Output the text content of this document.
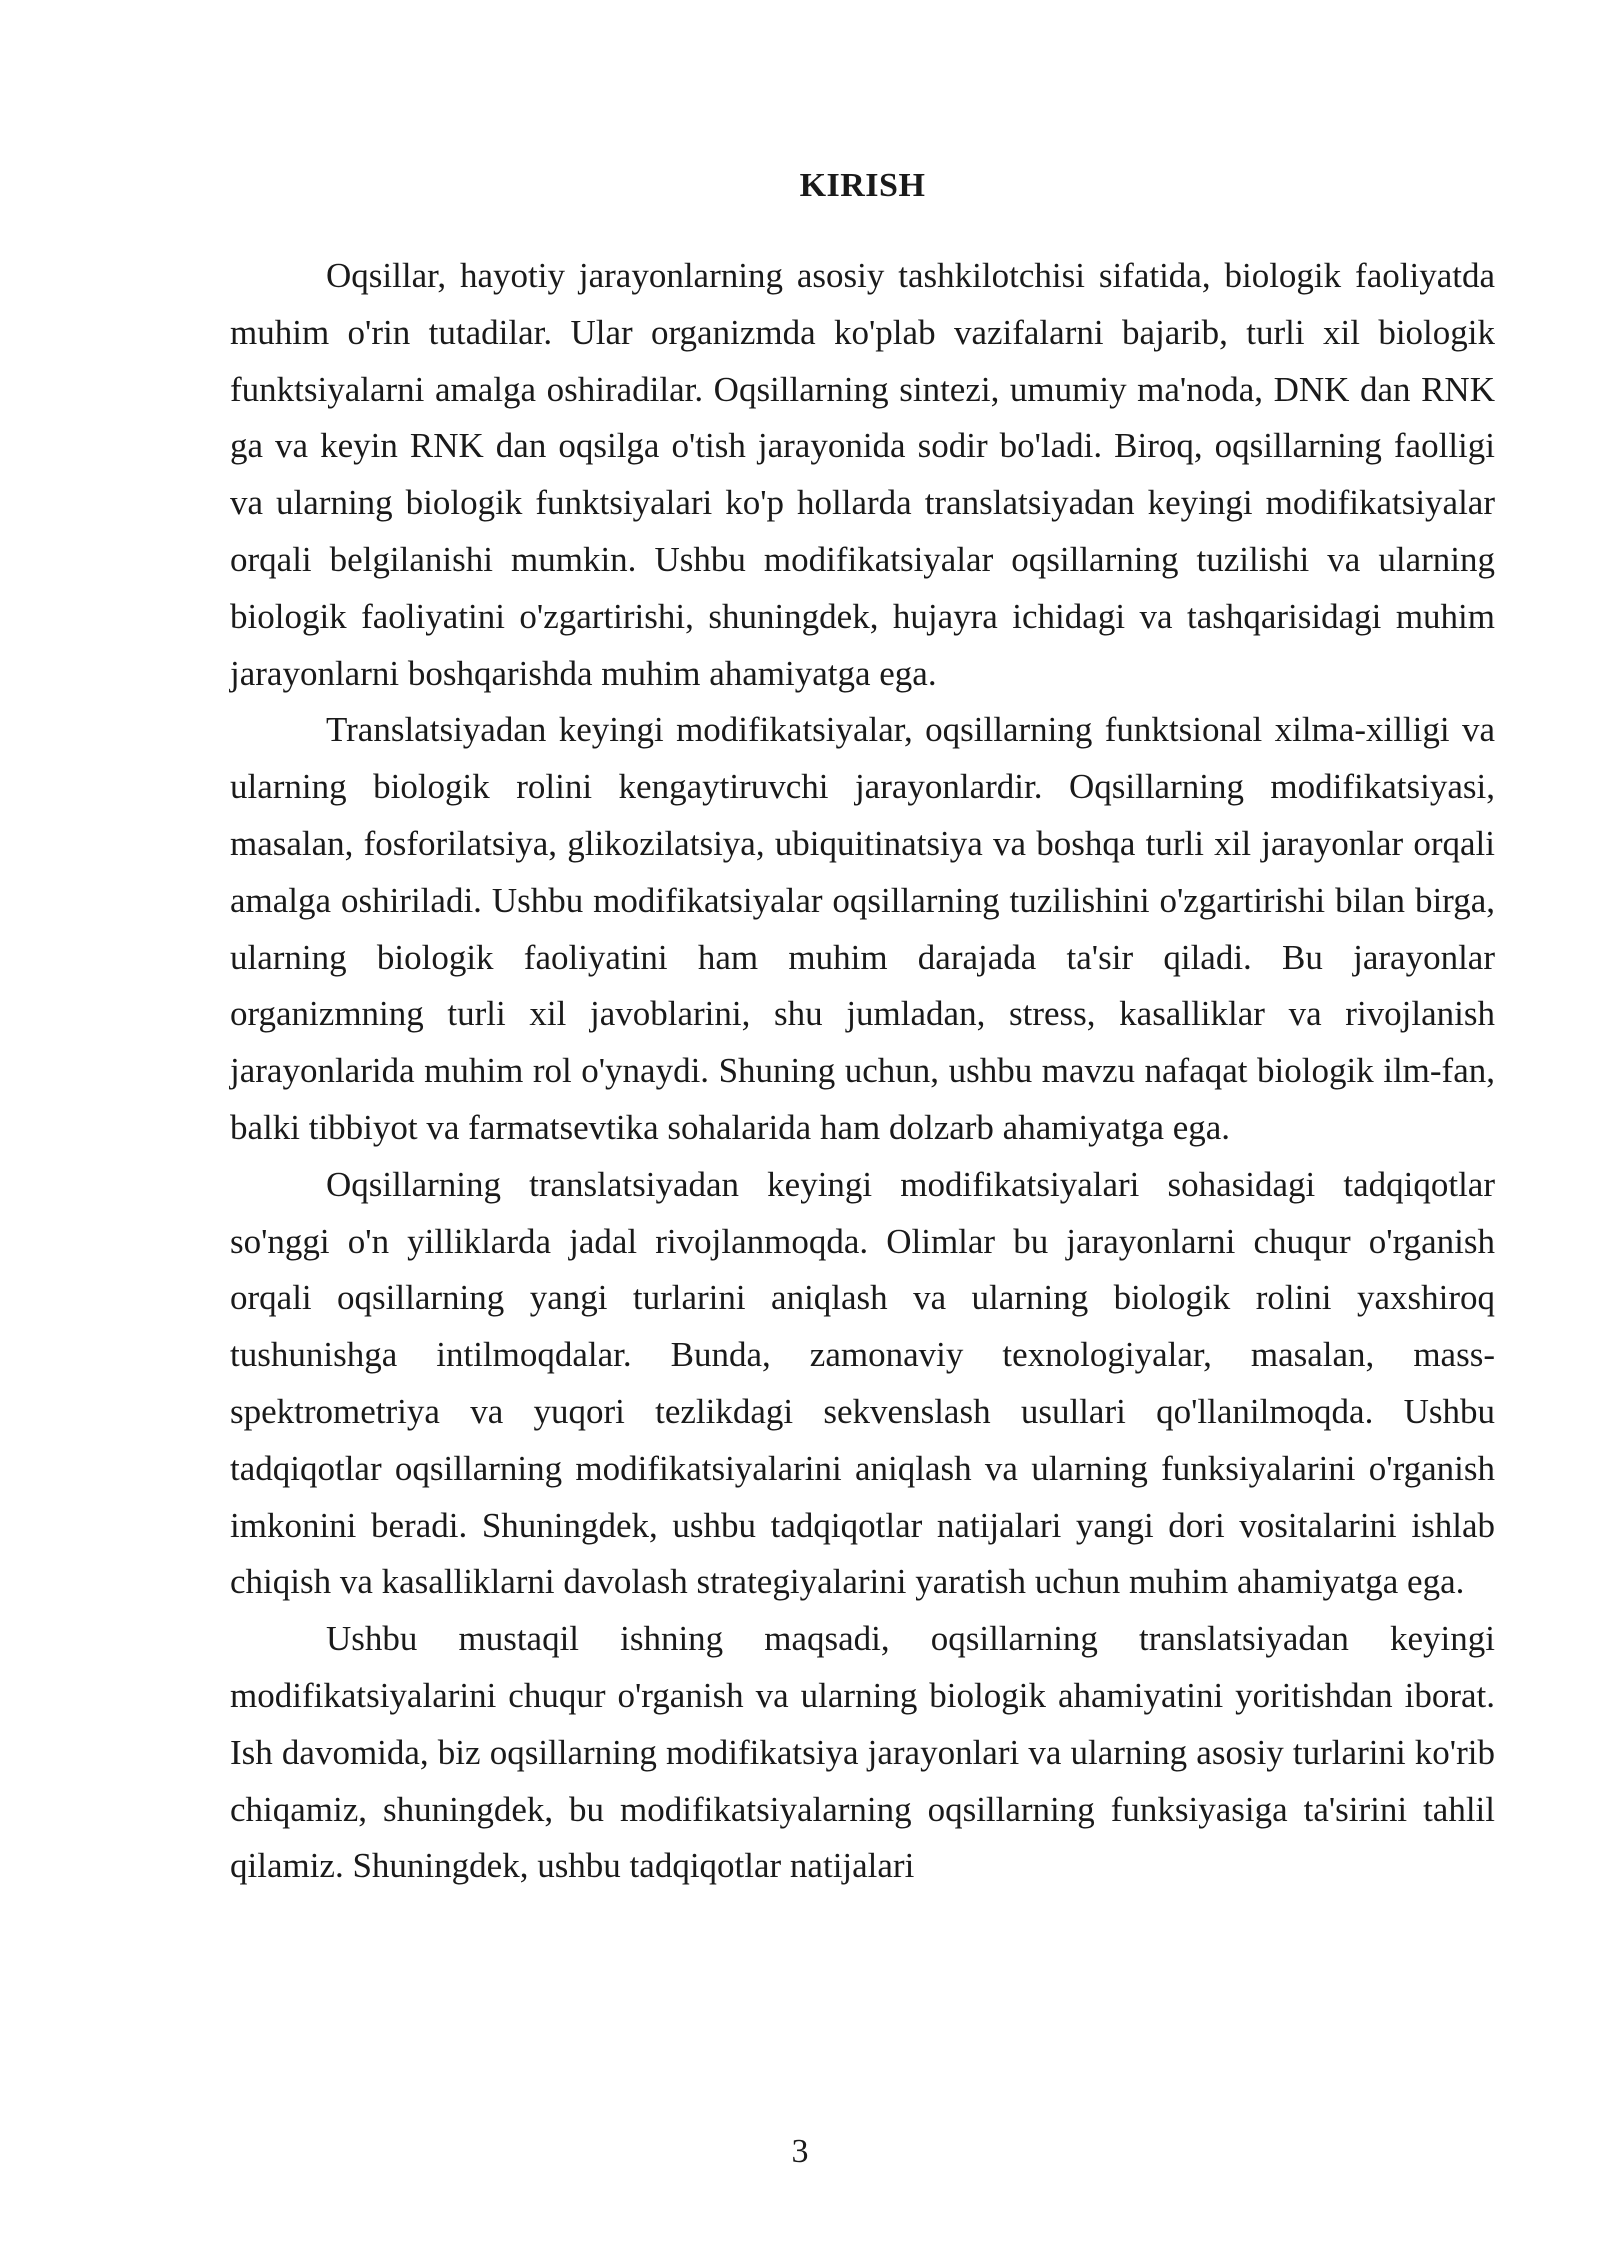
KIRISH

Oqsillar, hayotiy jarayonlarning asosiy tashkilotchisi sifatida, biologik faoliyatda muhim o'rin tutadilar. Ular organizmda ko'plab vazifalarni bajarib, turli xil biologik funktsiyalarni amalga oshiradilar. Oqsillarning sintezi, umumiy ma'noda, DNK dan RNK ga va keyin RNK dan oqsilga o'tish jarayonida sodir bo'ladi. Biroq, oqsillarning faolligi va ularning biologik funktsiyalari ko'p hollarda translatsiyadan keyingi modifikatsiyalar orqali belgilanishi mumkin. Ushbu modifikatsiyalar oqsillarning tuzilishi va ularning biologik faoliyatini o'zgartirishi, shuningdek, hujayra ichidagi va tashqarisidagi muhim jarayonlarni boshqarishda muhim ahamiyatga ega.

Translatsiyadan keyingi modifikatsiyalar, oqsillarning funktsional xilma-xilligi va ularning biologik rolini kengaytiruvchi jarayonlardir. Oqsillarning modifikatsiyasi, masalan, fosforilatsiya, glikozilatsiya, ubiquitinatsiya va boshqa turli xil jarayonlar orqali amalga oshiriladi. Ushbu modifikatsiyalar oqsillarning tuzilishini o'zgartirishi bilan birga, ularning biologik faoliyatini ham muhim darajada ta'sir qiladi. Bu jarayonlar organizmning turli xil javoblarini, shu jumladan, stress, kasalliklar va rivojlanish jarayonlarida muhim rol o'ynaydi. Shuning uchun, ushbu mavzu nafaqat biologik ilm-fan, balki tibbiyot va farmatsevtika sohalarida ham dolzarb ahamiyatga ega.

Oqsillarning translatsiyadan keyingi modifikatsiyalari sohasidagi tadqiqotlar so'nggi o'n yilliklarda jadal rivojlanmoqda. Olimlar bu jarayonlarni chuqur o'rganish orqali oqsillarning yangi turlarini aniqlash va ularning biologik rolini yaxshiroq tushunishga intilmoqdalar. Bunda, zamonaviy texnologiyalar, masalan, mass-spektrometriya va yuqori tezlikdagi sekvenslash usullari qo'llanilmoqda. Ushbu tadqiqotlar oqsillarning modifikatsiyalarini aniqlash va ularning funksiyalarini o'rganish imkonini beradi. Shuningdek, ushbu tadqiqotlar natijalari yangi dori vositalarini ishlab chiqish va kasalliklarni davolash strategiyalarini yaratish uchun muhim ahamiyatga ega.

Ushbu mustaqil ishning maqsadi, oqsillarning translatsiyadan keyingi modifikatsiyalarini chuqur o'rganish va ularning biologik ahamiyatini yoritishdan iborat. Ish davomida, biz oqsillarning modifikatsiya jarayonlari va ularning asosiy turlarini ko'rib chiqamiz, shuningdek, bu modifikatsiyalarning oqsillarning funksiyasiga ta'sirini tahlil qilamiz. Shuningdek, ushbu tadqiqotlar natijalari

3
